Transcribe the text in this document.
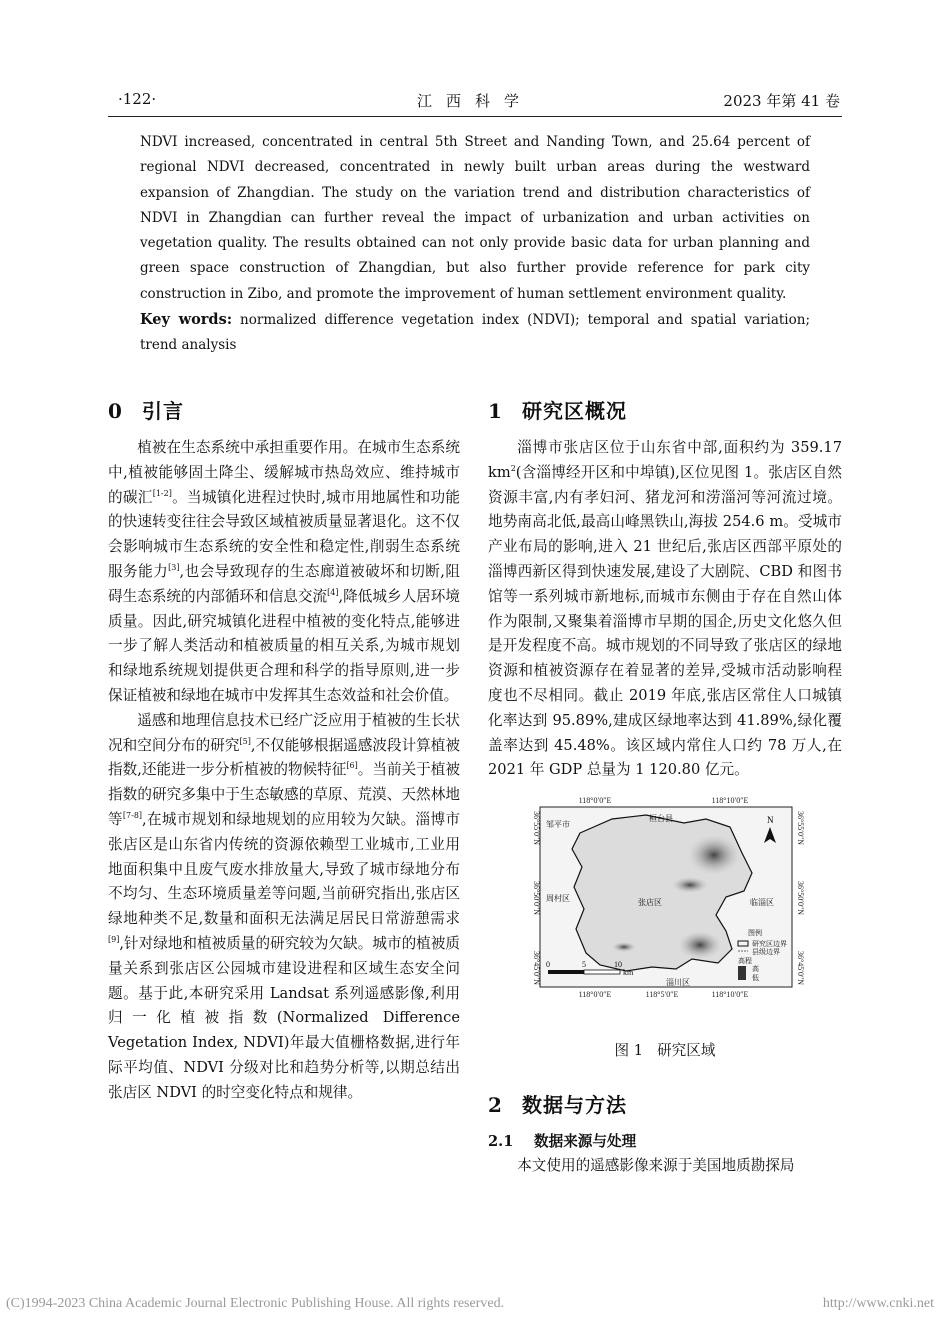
·122·	江西科学	2023 年第 41 卷

NDVI increased, concentrated in central 5th Street and Nanding Town, and 25.64 percent of regional NDVI decreased, concentrated in newly built urban areas during the westward expansion of Zhangdian. The study on the variation trend and distribution characteristics of NDVI in Zhangdian can further reveal the impact of urbanization and urban activities on vegetation quality. The results obtained can not only provide basic data for urban planning and green space construction of Zhangdian, but also further provide reference for park city construction in Zibo, and promote the improvement of human settlement environment quality.

Key words: normalized difference vegetation index (NDVI); temporal and spatial variation; trend analysis

0 引言

植被在生态系统中承担重要作用。在城市生态系统中,植被能够固土降尘、缓解城市热岛效应、维持城市的碳汇[1-2]。当城镇化进程过快时,城市用地属性和功能的快速转变往往会导致区域植被质量显著退化。这不仅会影响城市生态系统的安全性和稳定性,削弱生态系统服务能力[3],也会导致现存的生态廊道被破坏和切断,阻碍生态系统的内部循环和信息交流[4],降低城乡人居环境质量。因此,研究城镇化进程中植被的变化特点,能够进一步了解人类活动和植被质量的相互关系,为城市规划和绿地系统规划提供更合理和科学的指导原则,进一步保证植被和绿地在城市中发挥其生态效益和社会价值。

遥感和地理信息技术已经广泛应用于植被的生长状况和空间分布的研究[5],不仅能够根据遥感波段计算植被指数,还能进一步分析植被的物候特征[6]。当前关于植被指数的研究多集中于生态敏感的草原、荒漠、天然林地等[7-8],在城市规划和绿地规划的应用较为欠缺。淄博市张店区是山东省内传统的资源依赖型工业城市,工业用地面积集中且废气废水排放量大,导致了城市绿地分布不均匀、生态环境质量差等问题,当前研究指出,张店区绿地种类不足,数量和面积无法满足居民日常游憩需求[9],针对绿地和植被质量的研究较为欠缺。城市的植被质量关系到张店区公园城市建设进程和区域生态安全问题。基于此,本研究采用 Landsat 系列遥感影像,利用归一化植被指数(Normalized Difference Vegetation Index, NDVI)年最大值栅格数据,进行年际平均值、NDVI 分级对比和趋势分析等,以期总结出张店区 NDVI 的时空变化特点和规律。

1 研究区概况

淄博市张店区位于山东省中部,面积约为 359.17 $km^2$(含淄博经开区和中埠镇),区位见图 1。张店区自然资源丰富,内有孝妇河、猪龙河和涝淄河等河流过境。地势南高北低,最高山峰黑铁山,海拔 254.6 m。受城市产业布局的影响,进入 21 世纪后,张店区西部平原处的淄博西新区得到快速发展,建设了大剧院、CBD 和图书馆等一系列城市新地标,而城市东侧由于存在自然山体作为限制,又聚集着淄博市早期的国企,历史文化悠久但是开发程度不高。城市规划的不同导致了张店区的绿地资源和植被资源存在着显著的差异,受城市活动影响程度也不尽相同。截止 2019 年底,张店区常住人口城镇化率达到 95.89%,建成区绿地率达到 41.89%,绿化覆盖率达到 45.48%。该区域内常住人口约 78 万人,在 2021 年 GDP 总量为 1 120.80 亿元。

118°0′0″E	118°10′0″E
118°0′0″E	118°5′0″E	118°10′0″E
36°55′0″N
36°50′0″N
36°45′0″N
36°55′0″N
36°50′0″N
36°45′0″N
桓台县
邹平市
周村区	张店区	临淄区
淄川区
N
图例
研究区边界
县级边界
高程
高
低
0	5	10
km
图 1 研究区域
2 数据与方法
2.1 数据来源与处理

本文使用的遥感影像来源于美国地质勘探局

(C)1994-2023 China Academic Journal Electronic Publishing House. All rights reserved.	http://www.cnki.net
